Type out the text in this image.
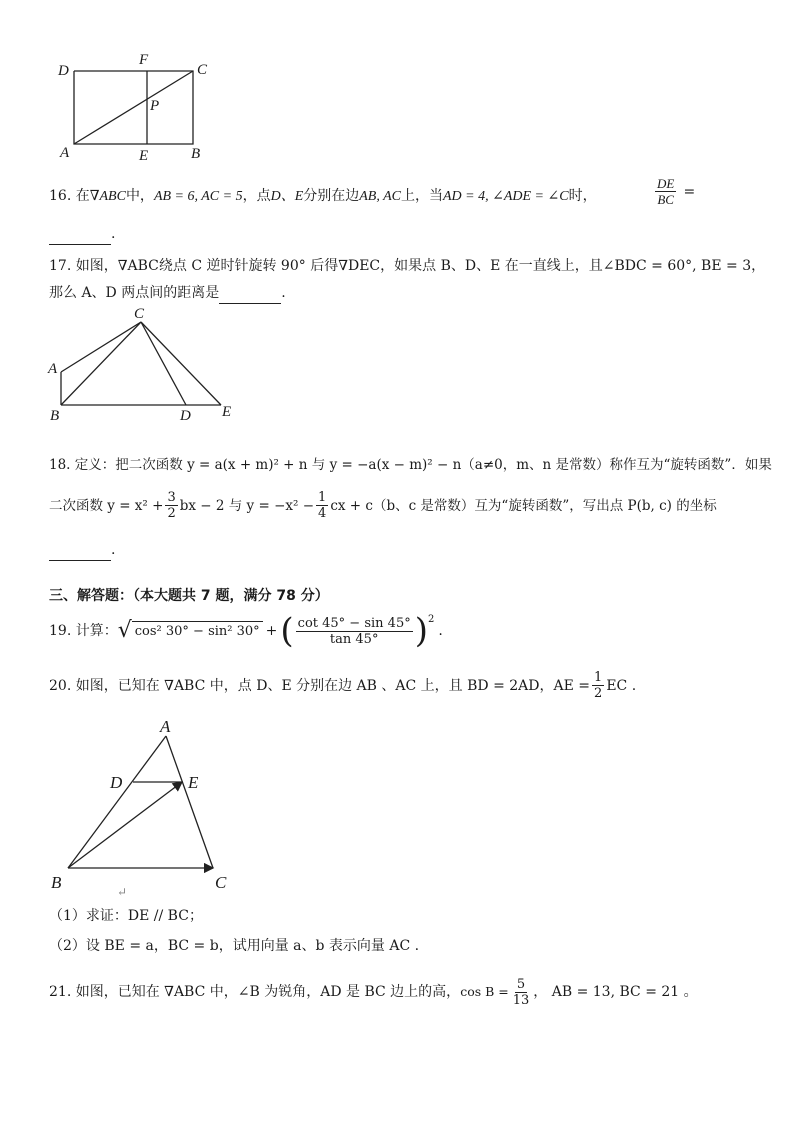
D
F
C
P
A	E	B
16. 在∇ABC中，AB = 6, AC = 5，点D、E分别在边AB, AC上，当AD = 4, ∠ADE = ∠C时，	$\frac{DE}{BC}$ =
.
17. 如图，∇ABC绕点 C 逆时针旋转 90° 后得∇DEC，如果点 B、D、E 在一直线上，且∠BDC = 60°, BE = 3，
那么 A、D 两点间的距离是	.
C
A
B	D E
18. 定义：把二次函数 y = a(x + m)² + n 与 y = −a(x − m)² − n（a≠0，m、n 是常数）称作互为“旋转函数”．如果
二次函数 $y = x^2 + \frac{3}{2}$ bx − 2 与 $y = -x^2 - \frac{1}{4}$ cx + c（b、c 是常数）互为“旋转函数”，写出点 P(b, c) 的坐标
.
三、解答题：（本大题共 7 题，满分 78 分）
19.
计算： √ cos² 30° − sin² 30° + ( $\frac{\cot 45^\circ - \sin 45^\circ}{\tan 45^\circ}$ ) 2
.
20.
如图，已知在 ∇ABC 中，点 D、E 分别在边 AB 、AC 上，且 BD = 2AD，AE = $\frac{1}{2}$ EC .
A
D	E
B	C
↵
（1）求证：DE // BC；
（2）设 BE = a，BC = b，试用向量 a、b 表示向量 AC .
21.
如图，已知在 ∇ABC 中，∠B 为锐角，AD 是 BC 边上的高， $\cos B = \frac{5}{13}$ ， AB = 13, BC = 21 。
